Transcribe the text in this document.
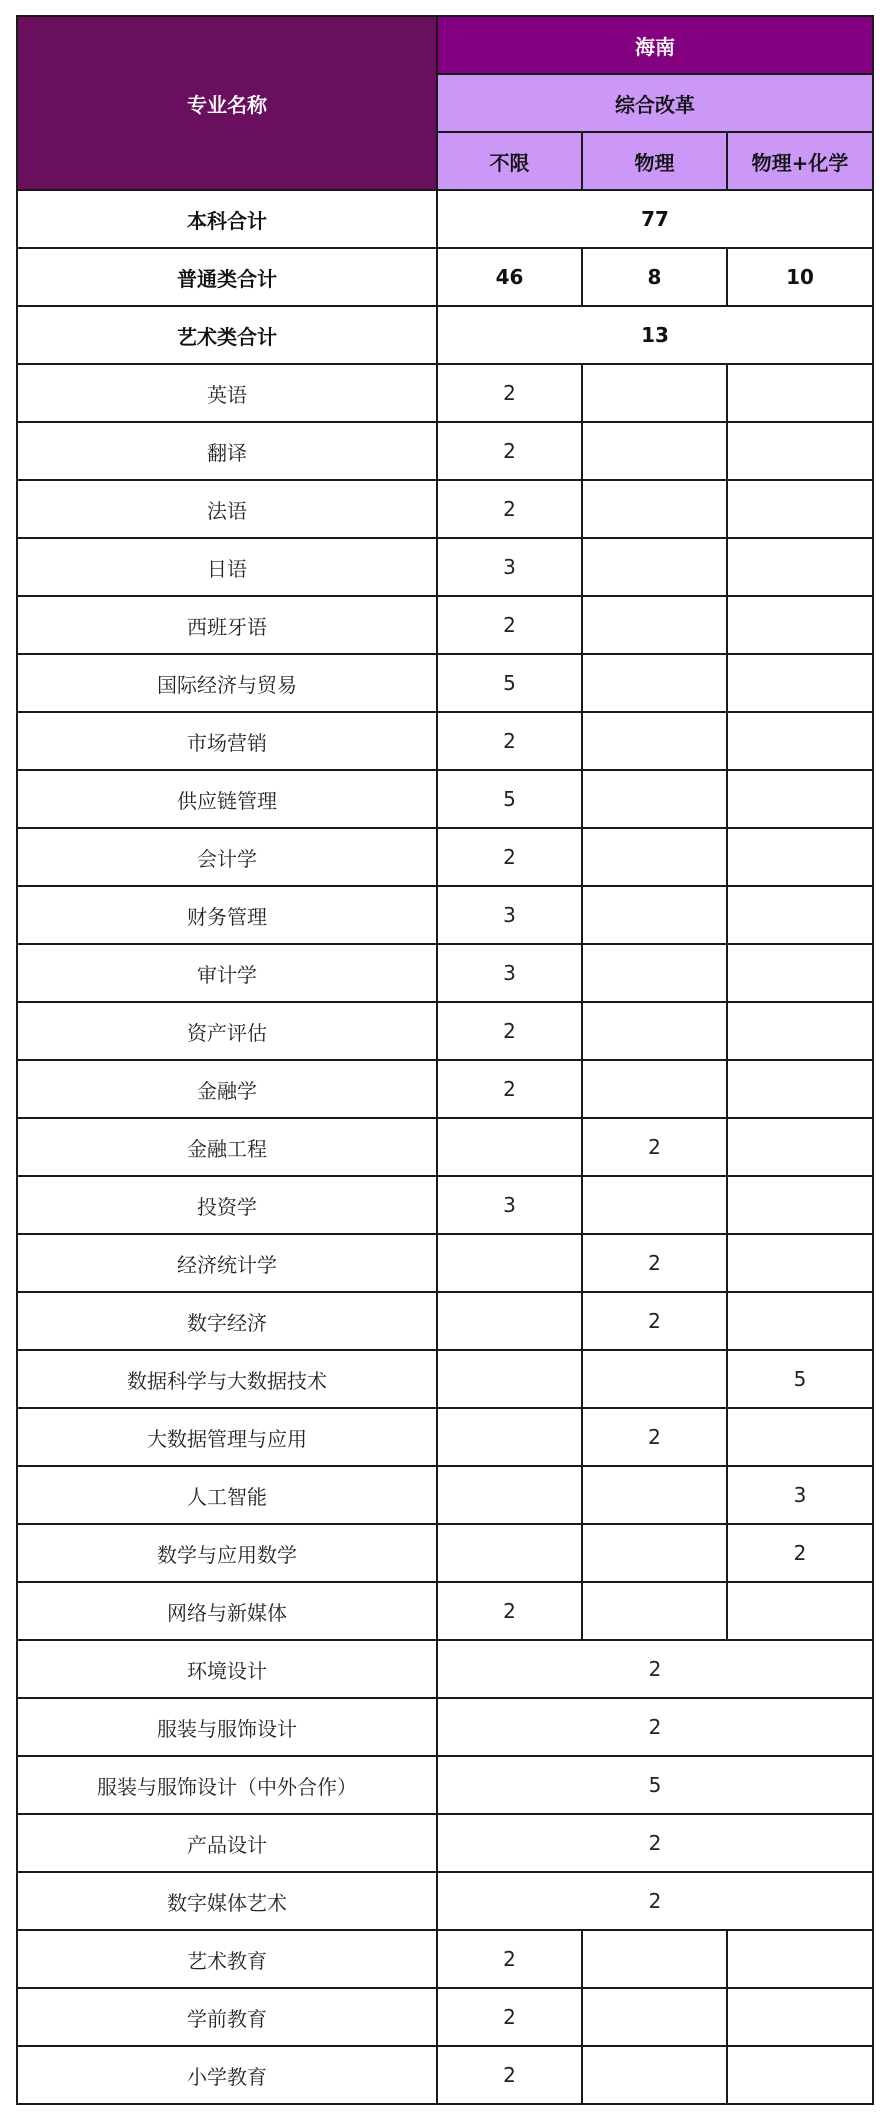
专业名称	海南		
	综合改革		
	不限	物理	物理+化学
本科合计	77		
普通类合计	46	8	10
艺术类合计	13		
英语	2		
翻译	2		
法语	2		
日语	3		
西班牙语	2		
国际经济与贸易	5		
市场营销	2		
供应链管理	5		
会计学	2		
财务管理	3		
审计学	3		
资产评估	2		
金融学	2		
金融工程		2	
投资学	3		
经济统计学		2	
数字经济		2	
数据科学与大数据技术			5
大数据管理与应用		2	
人工智能			3
数学与应用数学			2
网络与新媒体	2		
环境设计	2		
服装与服饰设计	2		
服装与服饰设计（中外合作）	5		
产品设计	2		
数字媒体艺术	2		
艺术教育	2		
学前教育	2		
小学教育	2		
